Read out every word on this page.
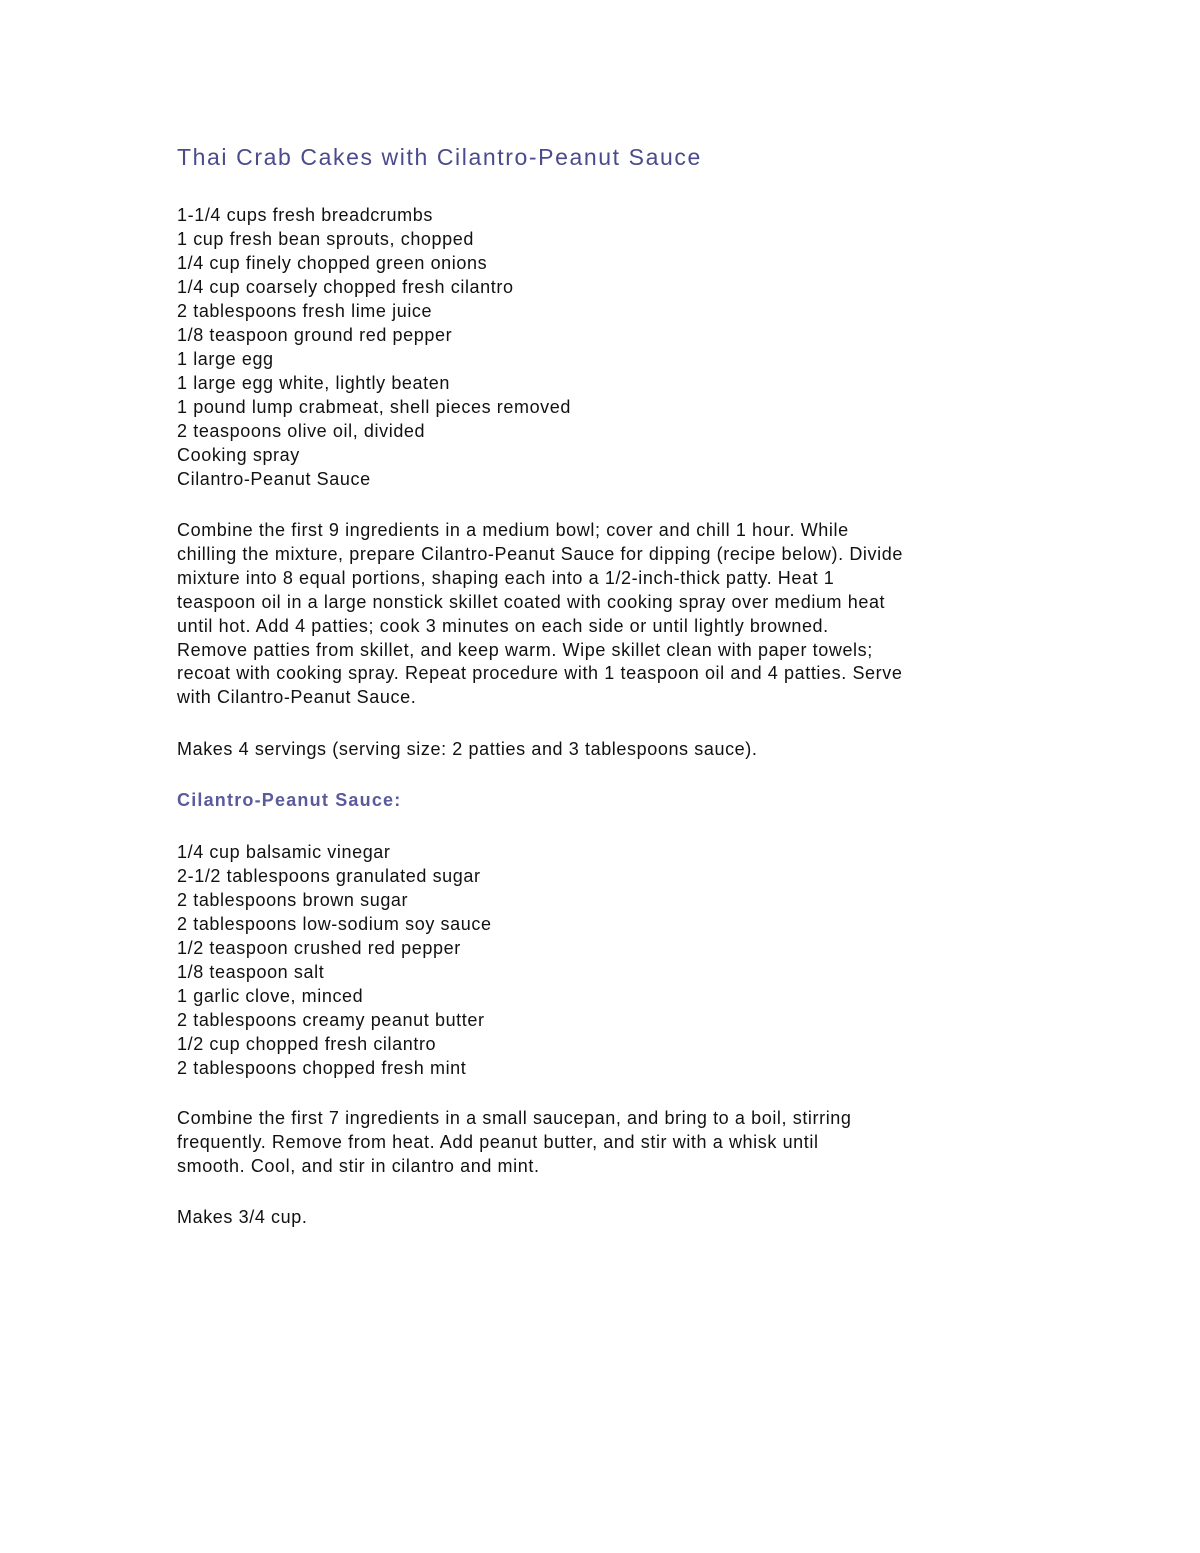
Thai Crab Cakes with Cilantro-Peanut Sauce
1-1/4 cups fresh breadcrumbs
1 cup fresh bean sprouts, chopped
1/4 cup finely chopped green onions
1/4 cup coarsely chopped fresh cilantro
2 tablespoons fresh lime juice
1/8 teaspoon ground red pepper
1 large egg
1 large egg white, lightly beaten
1 pound lump crabmeat, shell pieces removed
2 teaspoons olive oil, divided
Cooking spray
Cilantro-Peanut Sauce

Combine the first 9 ingredients in a medium bowl; cover and chill 1 hour. While
chilling the mixture, prepare Cilantro-Peanut Sauce for dipping (recipe below). Divide
mixture into 8 equal portions, shaping each into a 1/2-inch-thick patty. Heat 1
teaspoon oil in a large nonstick skillet coated with cooking spray over medium heat
until hot. Add 4 patties; cook 3 minutes on each side or until lightly browned.
Remove patties from skillet, and keep warm. Wipe skillet clean with paper towels;
recoat with cooking spray. Repeat procedure with 1 teaspoon oil and 4 patties. Serve
with Cilantro-Peanut Sauce.

Makes 4 servings (serving size: 2 patties and 3 tablespoons sauce).

Cilantro-Peanut Sauce:
1/4 cup balsamic vinegar
2-1/2 tablespoons granulated sugar
2 tablespoons brown sugar
2 tablespoons low-sodium soy sauce
1/2 teaspoon crushed red pepper
1/8 teaspoon salt
1 garlic clove, minced
2 tablespoons creamy peanut butter
1/2 cup chopped fresh cilantro
2 tablespoons chopped fresh mint

Combine the first 7 ingredients in a small saucepan, and bring to a boil, stirring
frequently. Remove from heat. Add peanut butter, and stir with a whisk until
smooth. Cool, and stir in cilantro and mint.

Makes 3/4 cup.
